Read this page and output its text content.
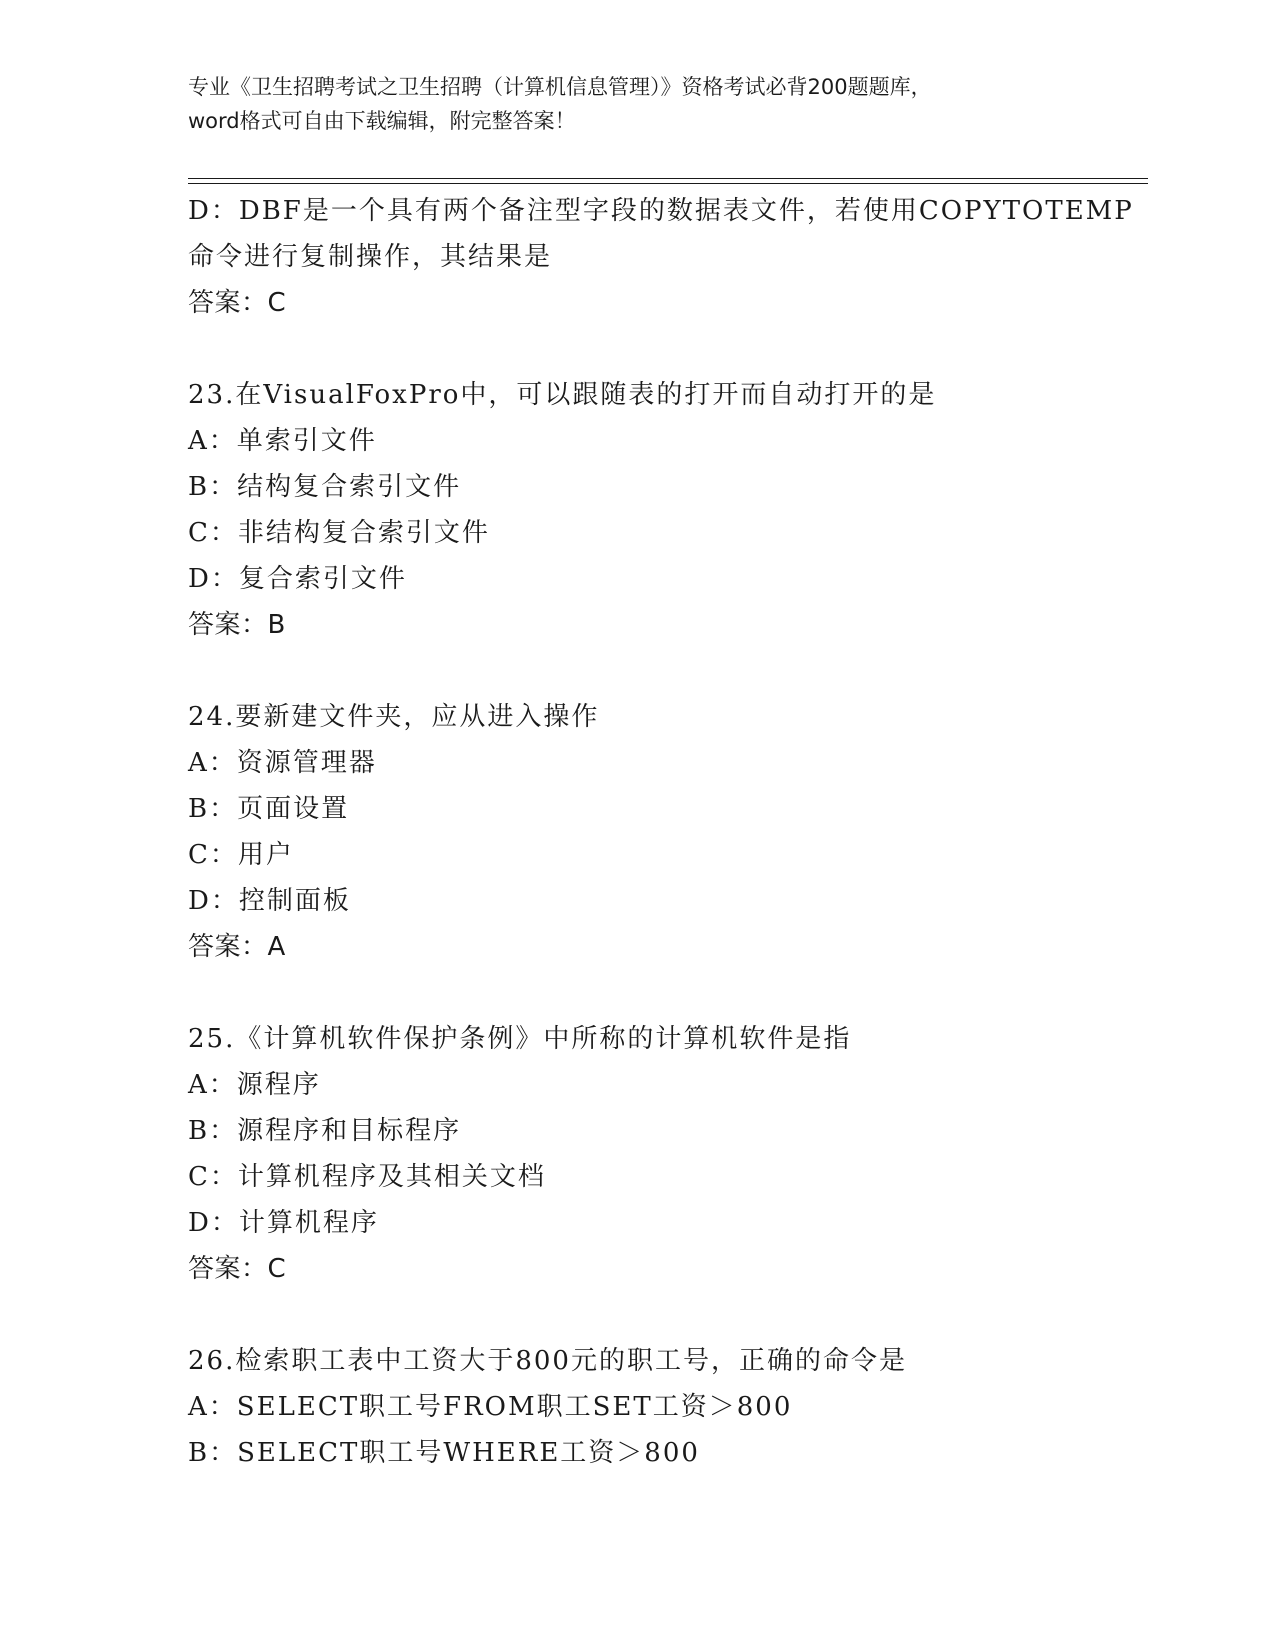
专业《卫生招聘考试之卫生招聘（计算机信息管理）》资格考试必背200题题库，
word格式可自由下载编辑，附完整答案！
D：DBF是一个具有两个备注型字段的数据表文件，若使用COPYTOTEMP
命令进行复制操作，其结果是
答案：C
23.在VisualFoxPro中，可以跟随表的打开而自动打开的是
A：单索引文件
B：结构复合索引文件
C：非结构复合索引文件
D：复合索引文件
答案：B
24.要新建文件夹，应从进入操作
A：资源管理器
B：页面设置
C：用户
D：控制面板
答案：A
25.《计算机软件保护条例》中所称的计算机软件是指
A：源程序
B：源程序和目标程序
C：计算机程序及其相关文档
D：计算机程序
答案：C
26.检索职工表中工资大于800元的职工号，正确的命令是
A：SELECT职工号FROM职工SET工资＞800
B：SELECT职工号WHERE工资＞800
